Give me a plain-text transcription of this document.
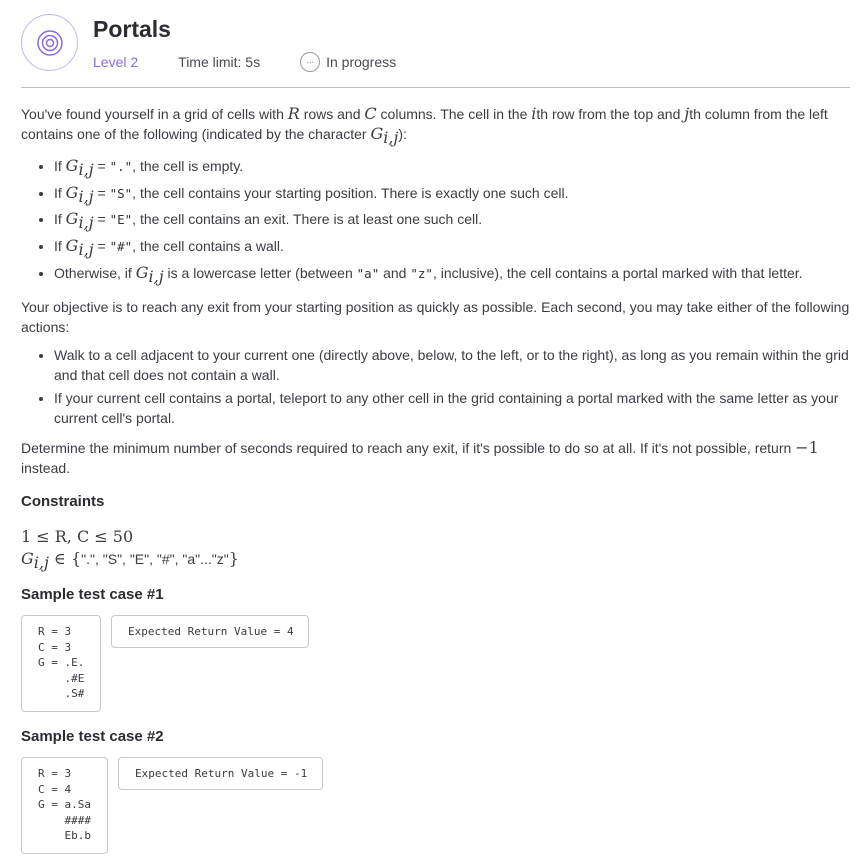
Portals
Level 2	Time limit: 5s	··· In progress

You've found yourself in a grid of cells with R rows and C columns. The cell in the ith row from the top and jth column from the left contains one of the following (indicated by the character $G_{i,j}$):

• If $G_{i,j}$ = ".", the cell is empty.
• If $G_{i,j}$ = "S", the cell contains your starting position. There is exactly one such cell.
• If $G_{i,j}$ = "E", the cell contains an exit. There is at least one such cell.
• If $G_{i,j}$ = "#", the cell contains a wall.
• Otherwise, if $G_{i,j}$ is a lowercase letter (between "a" and "z", inclusive), the cell contains a portal marked with that letter.

Your objective is to reach any exit from your starting position as quickly as possible. Each second, you may take either of the following actions:

• Walk to a cell adjacent to your current one (directly above, below, to the left, or to the right), as long as you remain within the grid and that cell does not contain a wall.
• If your current cell contains a portal, teleport to any other cell in the grid containing a portal marked with the same letter as your current cell's portal.

Determine the minimum number of seconds required to reach any exit, if it's possible to do so at all. If it's not possible, return −1 instead.

Constraints
1 ≤ R, C ≤ 50
$G_{i,j}$ ∈ {".", "S", "E", "#", "a"..."z"}
Sample test case #1
R = 3
C = 3
G = .E.
.#E
.S#
Expected Return Value = 4
Sample test case #2
R = 3
C = 4
G = a.Sa
####
Eb.b
Expected Return Value = -1
